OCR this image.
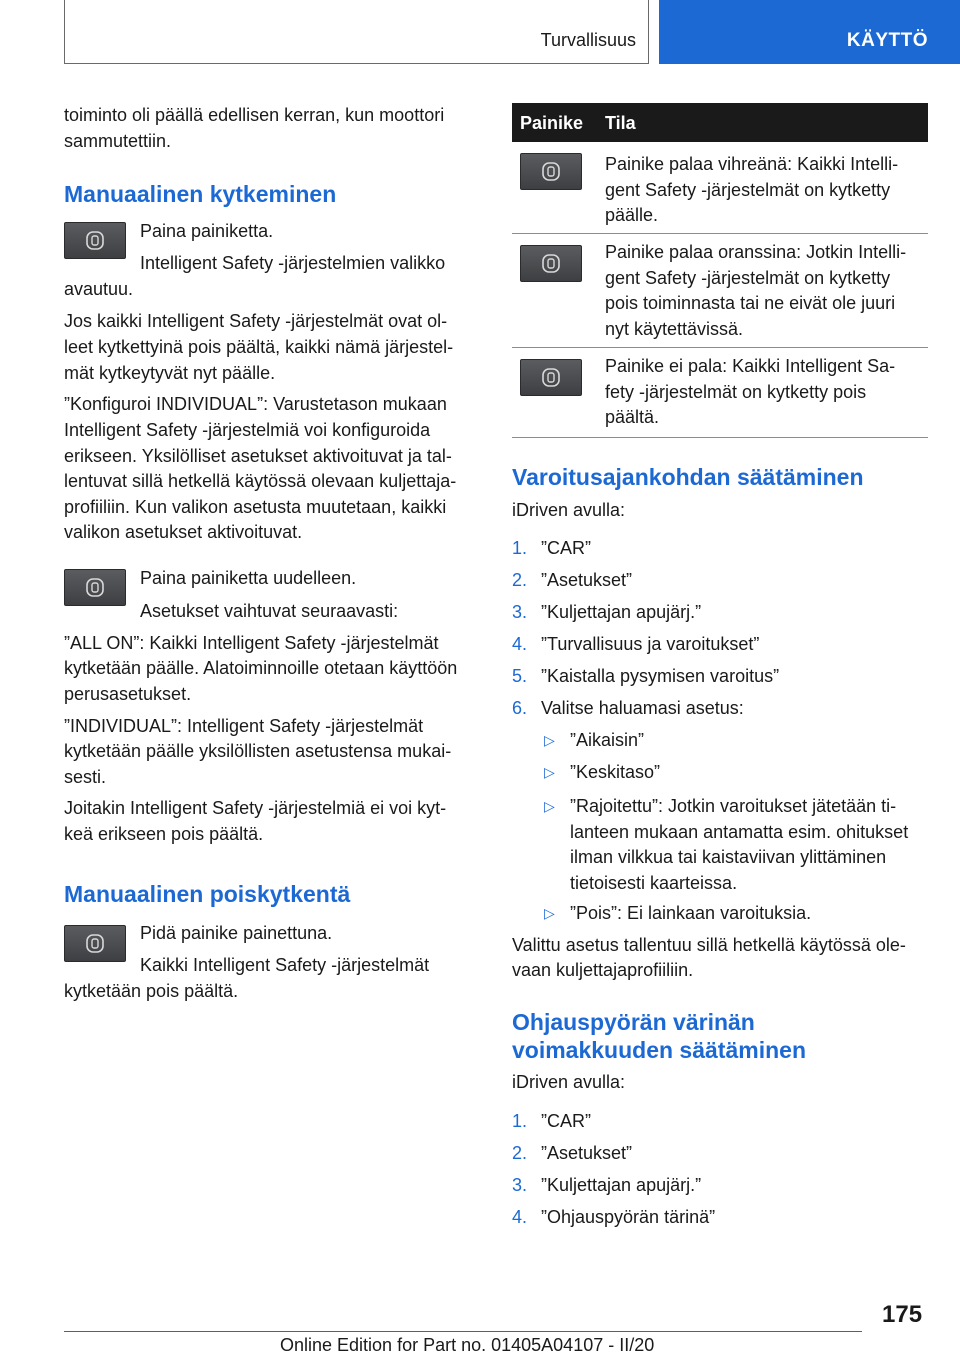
Turvallisuus	KÄYTTÖ

toiminto oli päällä edellisen kerran, kun moottori

sammutettiin.

Manuaalinen kytkeminen

Paina painiketta.

Intelligent Safety -järjestelmien valikko

avautuu.

Jos kaikki Intelligent Safety -järjestelmät ovat ol-

leet kytkettyinä pois päältä, kaikki nämä järjestel-

mät kytkeytyvät nyt päälle.

”Konfiguroi INDIVIDUAL”: Varustetason mukaan

Intelligent Safety -järjestelmiä voi konfiguroida

erikseen. Yksilölliset asetukset aktivoituvat ja tal-

lentuvat sillä hetkellä käytössä olevaan kuljettaja-

profiiliin. Kun valikon asetusta muutetaan, kaikki

valikon asetukset aktivoituvat.

Paina painiketta uudelleen.

Asetukset vaihtuvat seuraavasti:

”ALL ON”: Kaikki Intelligent Safety -järjestelmät

kytketään päälle. Alatoiminnoille otetaan käyttöön

perusasetukset.

”INDIVIDUAL”: Intelligent Safety -järjestelmät

kytketään päälle yksilöllisten asetustensa mukai-

sesti.

Joitakin Intelligent Safety -järjestelmiä ei voi kyt-

keä erikseen pois päältä.

Manuaalinen poiskytkentä

Pidä painike painettuna.

Kaikki Intelligent Safety -järjestelmät

kytketään pois päältä.

Painike Tila

Painike palaa vihreänä: Kaikki Intelli-

gent Safety -järjestelmät on kytketty

päälle.

Painike palaa oranssina: Jotkin Intelli-

gent Safety -järjestelmät on kytketty

pois toiminnasta tai ne eivät ole juuri

nyt käytettävissä.

Painike ei pala: Kaikki Intelligent Sa-

fety -järjestelmät on kytketty pois

päältä.

Varoitusajankohdan säätäminen

iDriven avulla:

1. ”CAR”
2. ”Asetukset”
3. ”Kuljettajan apujärj.”
4. ”Turvallisuus ja varoitukset”
5. ”Kaistalla pysymisen varoitus”
6. Valitse haluamasi asetus:
▷ ”Aikaisin”
▷ ”Keskitaso”
▷ ”Rajoitettu”: Jotkin varoitukset jätetään ti-

lanteen mukaan antamatta esim. ohitukset

ilman vilkkua tai kaistaviivan ylittäminen

tietoisesti kaarteissa.

▷ ”Pois”: Ei lainkaan varoituksia.

Valittu asetus tallentuu sillä hetkellä käytössä ole-

vaan kuljettajaprofiiliin.

Ohjauspyörän värinän
voimakkuuden säätäminen

iDriven avulla:

1. ”CAR”
2. ”Asetukset”
3. ”Kuljettajan apujärj.”
4. ”Ohjauspyörän tärinä”
175
Online Edition for Part no. 01405A04107 - II/20
